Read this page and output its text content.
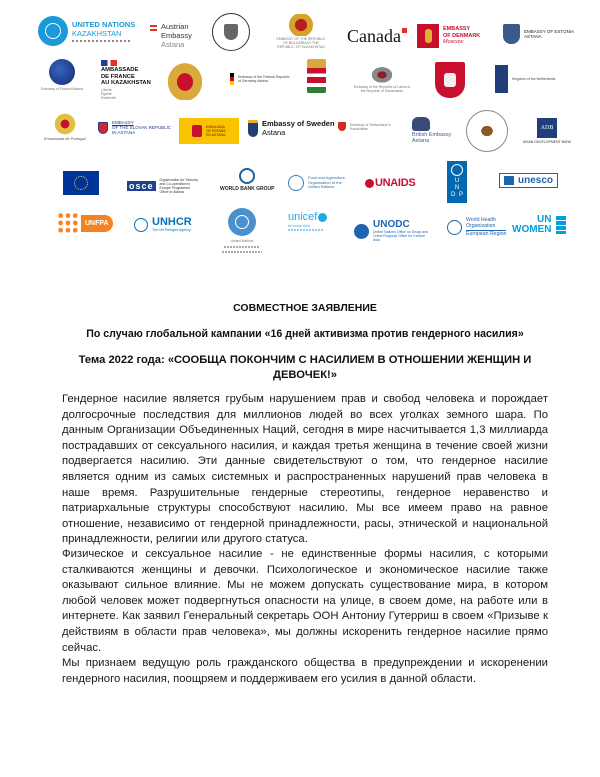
UNITED NATIONS
KAZAKHSTAN
Austrian
Embassy
Astana
EMBASSY OF THE REPUBLIC OF BULGARIA IN THE REPUBLIC OF KAZAKHSTAN
Canada	EMBASSY
OF DENMARK
Moscow
EMBASSY OF ESTONIA
ASTANA
Embassy of Finland Astana
AMBASSADE
DE FRANCE
AU KAZAKHSTAN
Liberté Égalité Fraternité
Embassy of the Federal Republic of Germany Astana
Embassy of the Republic of Latvia in the Republic of Kazakhstan
Kingdom of the Netherlands
Embaixada de Portugal
EMBASSY
OF THE SLOVAK REPUBLIC
IN ASTANA
EMBAJADA DE ESPAÑA EN ASTANA
Embassy of Sweden
Astana
Embassy of Switzerland in Kazakhstan
British Embassy
Astana
ADB
ASIAN DEVELOPMENT BANK
osce
Organization for Security and Co-operation in Europe Programme Office in Astana	WORLD BANK GROUP
Food and Agriculture Organization of the United Nations	UNAIDS	U N D P
unesco
UNFPA	UNHCR
The UN Refugee Agency
United Nations
unicef
for every child	UNODC
United Nations Office on Drugs and Crime Regional Office for Central Asia
World Health
Organization
European Region
UN
WOMEN
СОВМЕСТНОЕ ЗАЯВЛЕНИЕ
По случаю глобальной кампании «16 дней активизма против гендерного насилия»
Тема 2022 года: «СООБЩА ПОКОНЧИМ С НАСИЛИЕМ В ОТНОШЕНИИ ЖЕНЩИН И
ДЕВОЧЕК!»

Гендерное насилие является грубым нарушением прав и свобод человека и порождает долгосрочные последствия для миллионов людей во всех уголках земного шара. По данным Организации Объединенных Наций, сегодня в мире насчитывается 1,3 миллиарда пострадавших от сексуального насилия, и каждая третья женщина в течение своей жизни подвергается насилию. Эти данные свидетельствуют о том, что гендерное насилие является одним из самых системных и распространенных нарушений прав человека в наше время. Разрушительные гендерные стереотипы, гендерное неравенство и патриархальные структуры способствуют насилию. Мы все имеем право на равное отношение, независимо от гендерной принадлежности, расы, этнической и национальной принадлежности, религии или другого статуса.

Физическое и сексуальное насилие - не единственные формы насилия, с которыми сталкиваются женщины и девочки. Психологическое и экономическое насилие также оказывают сильное влияние. Мы не можем допускать существование мира, в котором любой человек может подвергнуться опасности на улице, в своем доме, на работе или в интернете. Как заявил Генеральный секретарь ООН Антониу Гутерриш в своем «Призыве к действиям в области прав человека», мы должны искоренить гендерное насилие прямо сейчас.

Мы признаем ведущую роль гражданского общества в предупреждении и искоренении гендерного насилия, поощряем и поддерживаем его усилия в данной области.
